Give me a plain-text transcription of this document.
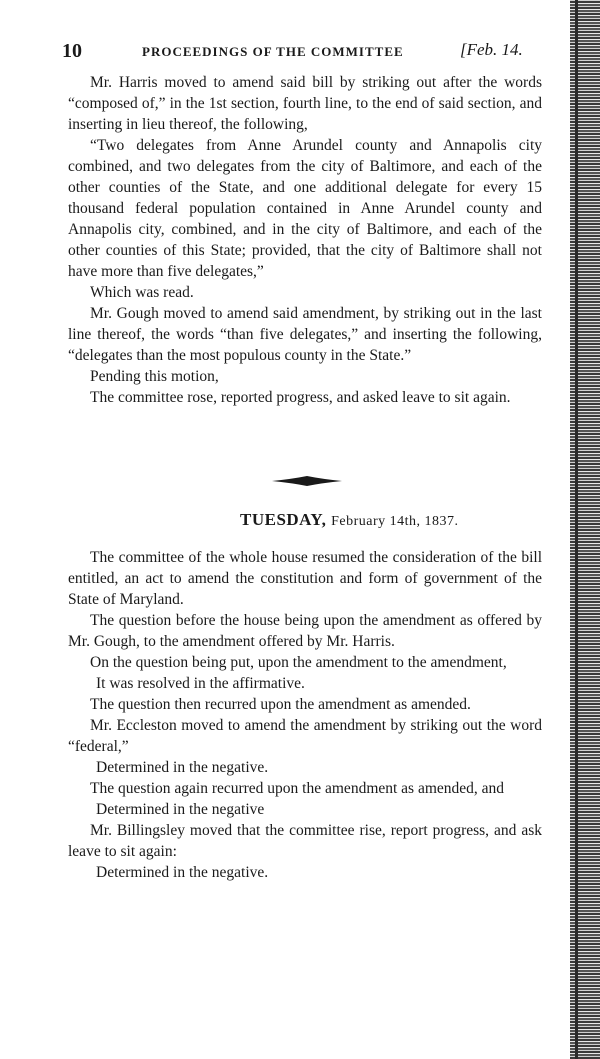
10	PROCEEDINGS OF THE COMMITTEE	[Feb. 14.

Mr. Harris moved to amend said bill by striking out after the words “composed of,” in the 1st section, fourth line, to the end of said section, and inserting in lieu thereof, the following,

“Two delegates from Anne Arundel county and Annapolis city combined, and two delegates from the city of Baltimore, and each of the other counties of the State, and one additional delegate for every 15 thousand federal population contained in Anne Arundel county and Annapolis city, combined, and in the city of Baltimore, and each of the other counties of this State; provided, that the city of Baltimore shall not have more than five delegates,”

Which was read.

Mr. Gough moved to amend said amendment, by striking out in the last line thereof, the words “than five delegates,” and inserting the following, “delegates than the most populous county in the State.”

Pending this motion,

The committee rose, reported progress, and asked leave to sit again.

TUESDAY, February 14th, 1837.

The committee of the whole house resumed the consideration of the bill entitled, an act to amend the constitution and form of government of the State of Maryland.

The question before the house being upon the amendment as offered by Mr. Gough, to the amendment offered by Mr. Harris.

On the question being put, upon the amendment to the amendment,

It was resolved in the affirmative.

The question then recurred upon the amendment as amended.

Mr. Eccleston moved to amend the amendment by striking out the word “federal,”

Determined in the negative.

The question again recurred upon the amendment as amended, and

Determined in the negative

Mr. Billingsley moved that the committee rise, report progress, and ask leave to sit again:

Determined in the negative.
